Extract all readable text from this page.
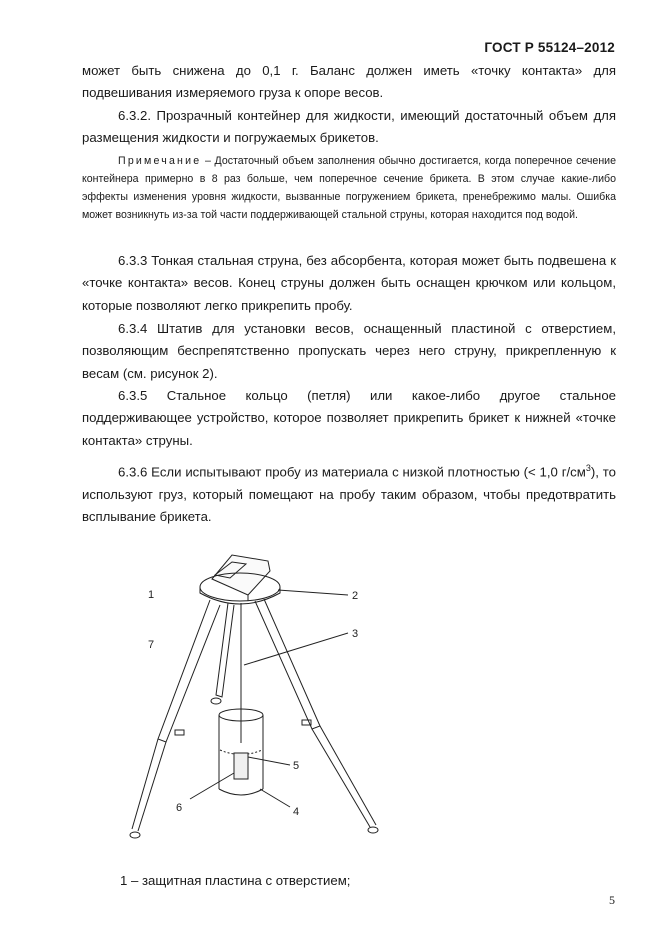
ГОСТ Р 55124–2012

может быть снижена до 0,1 г. Баланс должен иметь «точку контакта» для подвешивания измеряемого груза к опоре весов.

6.3.2. Прозрачный контейнер для жидкости, имеющий достаточный объем для размещения жидкости и погружаемых брикетов.

Примечание – Достаточный объем заполнения обычно достигается, когда поперечное сечение контейнера примерно в 8 раз больше, чем поперечное сечение брикета. В этом случае какие-либо эффекты изменения уровня жидкости, вызванные погружением брикета, пренебрежимо малы. Ошибка может возникнуть из-за той части поддерживающей стальной струны, которая находится под водой.

6.3.3 Тонкая стальная струна, без абсорбента, которая может быть подвешена к «точке контакта» весов. Конец струны должен быть оснащен крючком или кольцом, которые позволяют легко прикрепить пробу.

6.3.4 Штатив для установки весов, оснащенный пластиной с отверстием, позволяющим беспрепятственно пропускать через него струну, прикрепленную к весам (см. рисунок 2).

6.3.5 Стальное кольцо (петля) или какое-либо другое стальное поддерживающее устройство, которое позволяет прикрепить брикет к нижней «точке контакта» струны.

6.3.6 Если испытывают пробу из материала с низкой плотностью (< 1,0 $г/см^3$), то используют груз, который помещают на пробу таким образом, чтобы предотвратить всплывание брикета.

1	2
3
7
5
6	4
1 – защитная пластина с отверстием;
5
